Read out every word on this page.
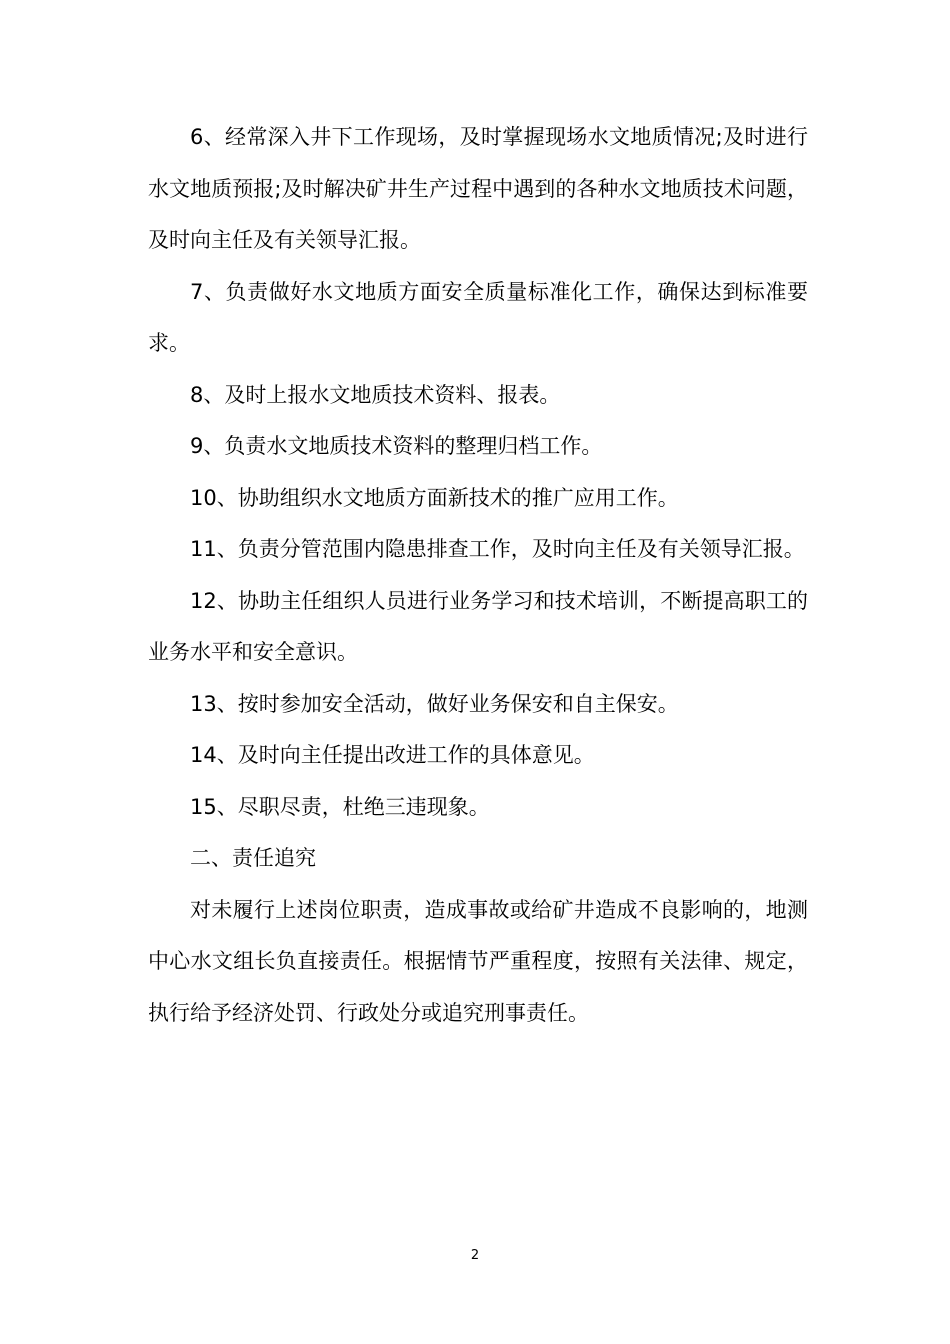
6、经常深入井下工作现场，及时掌握现场水文地质情况;及时进行水文地质预报;及时解决矿井生产过程中遇到的各种水文地质技术问题，及时向主任及有关领导汇报。

7、负责做好水文地质方面安全质量标准化工作，确保达到标准要求。

8、及时上报水文地质技术资料、报表。

9、负责水文地质技术资料的整理归档工作。

10、协助组织水文地质方面新技术的推广应用工作。

11、负责分管范围内隐患排查工作，及时向主任及有关领导汇报。

12、协助主任组织人员进行业务学习和技术培训，不断提高职工的业务水平和安全意识。

13、按时参加安全活动，做好业务保安和自主保安。

14、及时向主任提出改进工作的具体意见。

15、尽职尽责，杜绝三违现象。

二、责任追究

对未履行上述岗位职责，造成事故或给矿井造成不良影响的，地测中心水文组长负直接责任。根据情节严重程度，按照有关法律、规定，执行给予经济处罚、行政处分或追究刑事责任。

2
